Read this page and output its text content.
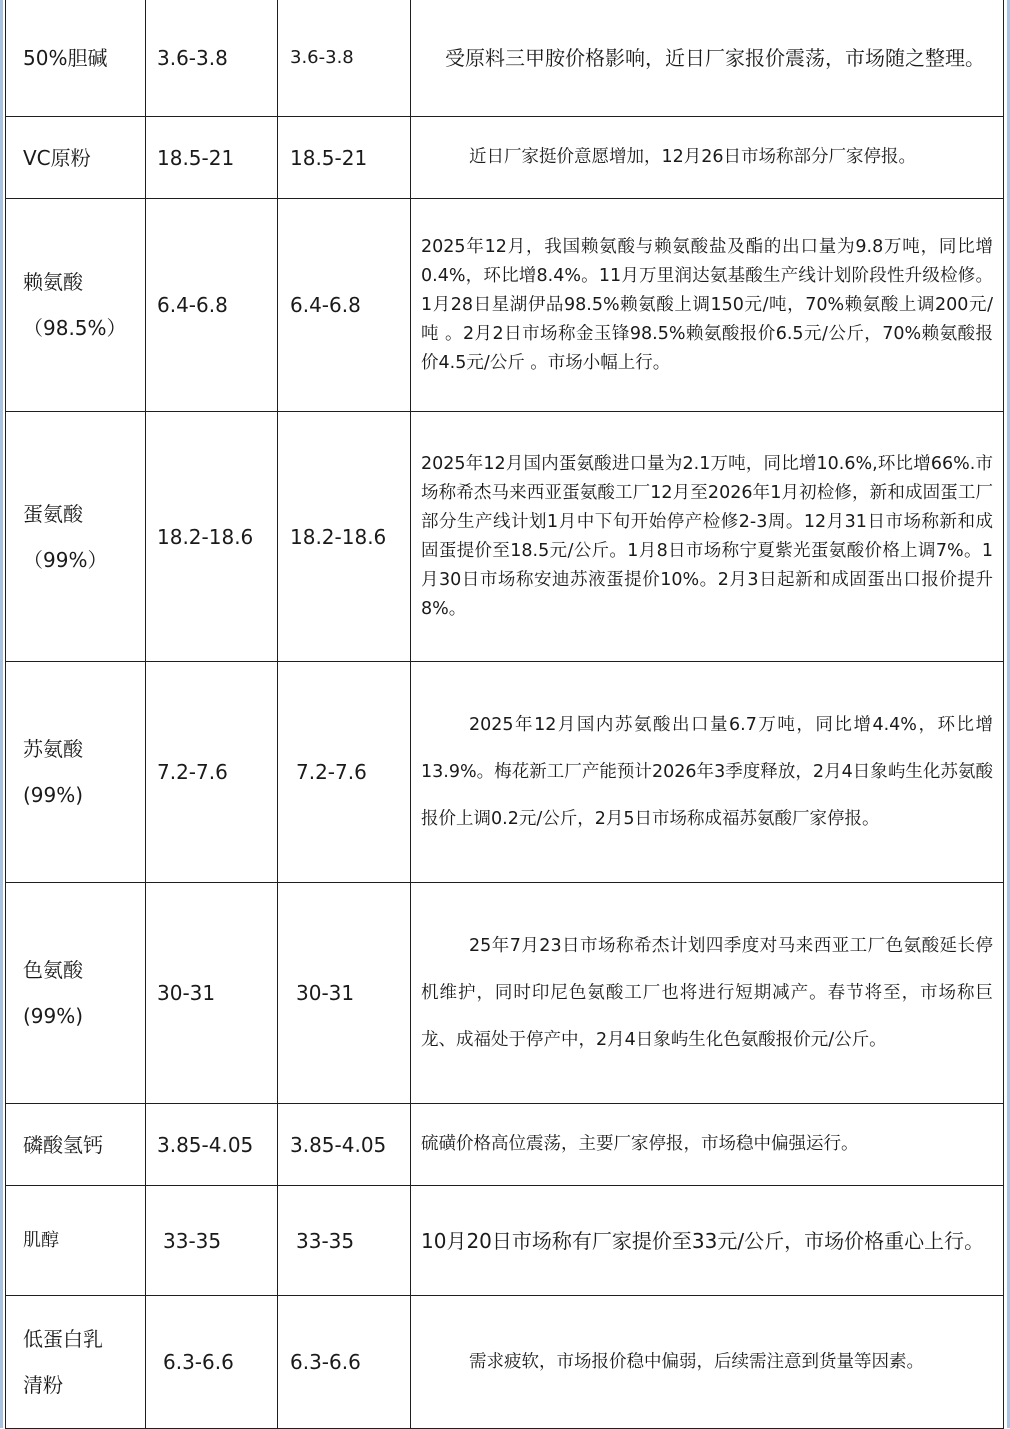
50%胆碱	3.6-3.8	3.6-3.8	受原料三甲胺价格影响，近日厂家报价震荡，市场随之整理。

VC原粉	18.5-21	18.5-21	近日厂家挺价意愿增加，12月26日市场称部分厂家停报。

赖氨酸
（98.5%）	6.4-6.8	6.4-6.8	2025年12月，我国赖氨酸与赖氨酸盐及酯的出口量为9.8万吨，同比增0.4%，环比增8.4%。11月万里润达氨基酸生产线计划阶段性升级检修。1月28日星湖伊品98.5%赖氨酸上调150元/吨，70%赖氨酸上调200元/吨 。2月2日市场称金玉锋98.5%赖氨酸报价6.5元/公斤，70%赖氨酸报价4.5元/公斤 。市场小幅上行。

蛋氨酸
（99%）	18.2-18.6	18.2-18.6	2025年12月国内蛋氨酸进口量为2.1万吨，同比增10.6%,环比增66%.市场称希杰马来西亚蛋氨酸工厂12月至2026年1月初检修，新和成固蛋工厂部分生产线计划1月中下旬开始停产检修2-3周。12月31日市场称新和成固蛋提价至18.5元/公斤。1月8日市场称宁夏紫光蛋氨酸价格上调7%。1月30日市场称安迪苏液蛋提价10%。2月3日起新和成固蛋出口报价提升8%。

苏氨酸
(99%)	7.2-7.6	7.2-7.6	2025年12月国内苏氨酸出口量6.7万吨，同比增4.4%，环比增13.9%。梅花新工厂产能预计2026年3季度释放，2月4日象屿生化苏氨酸报价上调0.2元/公斤，2月5日市场称成福苏氨酸厂家停报。

色氨酸
(99%)	30-31	30-31	25年7月23日市场称希杰计划四季度对马来西亚工厂色氨酸延长停机维护，同时印尼色氨酸工厂也将进行短期减产。春节将至，市场称巨龙、成福处于停产中，2月4日象屿生化色氨酸报价元/公斤。

磷酸氢钙	3.85-4.05	3.85-4.05	硫磺价格高位震荡，主要厂家停报，市场稳中偏强运行。

肌醇	33-35	33-35	10月20日市场称有厂家提价至33元/公斤，市场价格重心上行。

低蛋白乳
清粉	6.3-6.6	6.3-6.6	需求疲软，市场报价稳中偏弱，后续需注意到货量等因素。
